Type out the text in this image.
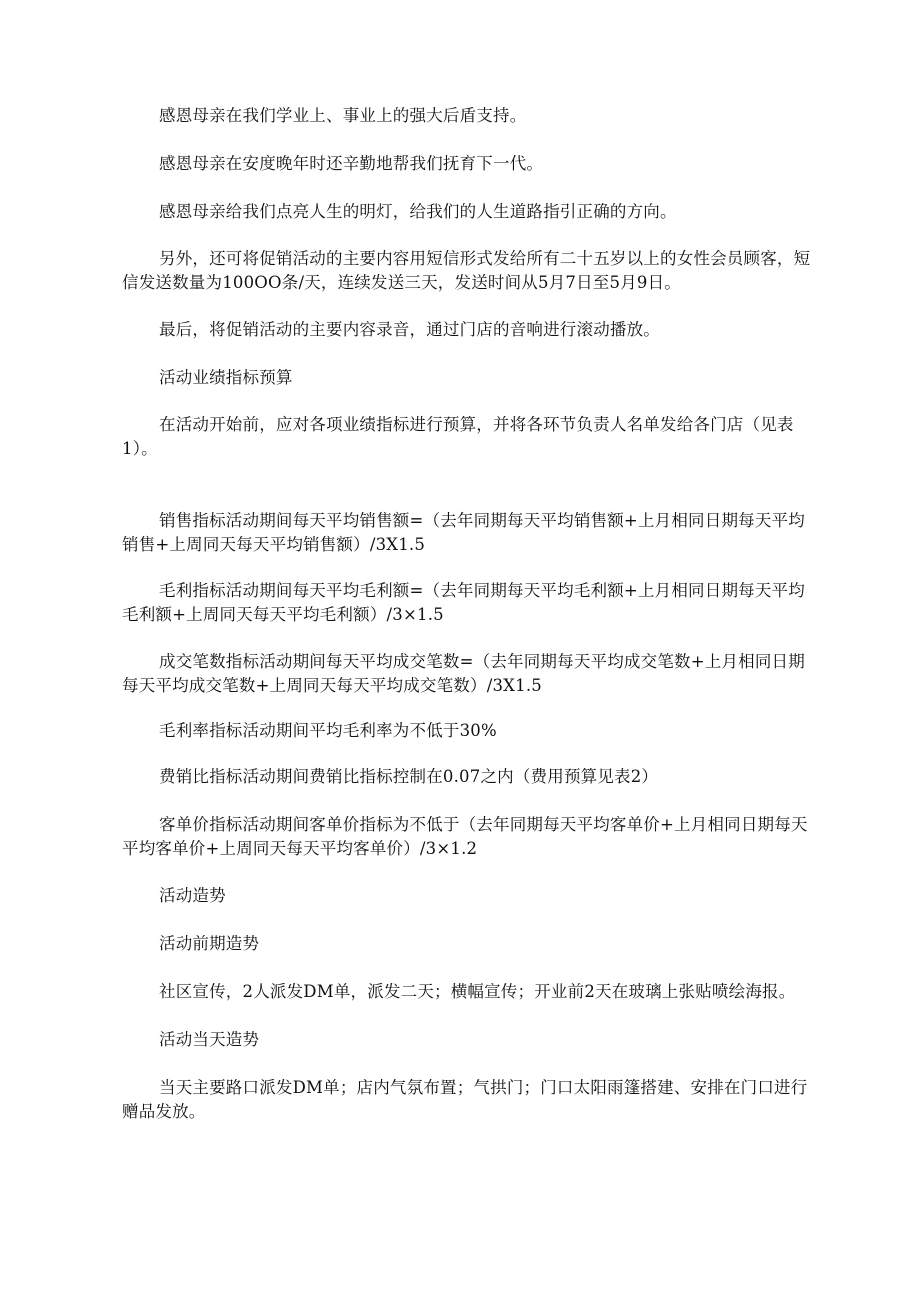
感恩母亲在我们学业上、事业上的强大后盾支持。

感恩母亲在安度晚年时还辛勤地帮我们抚育下一代。

感恩母亲给我们点亮人生的明灯，给我们的人生道路指引正确的方向。

另外，还可将促销活动的主要内容用短信形式发给所有二十五岁以上的女性会员顾客，短信发送数量为100OO条/天，连续发送三天，发送时间从5月7日至5月9日。

最后，将促销活动的主要内容录音，通过门店的音响进行滚动播放。

活动业绩指标预算

在活动开始前，应对各项业绩指标进行预算，并将各环节负责人名单发给各门店（见表1）。

销售指标活动期间每天平均销售额=（去年同期每天平均销售额+上月相同日期每天平均销售+上周同天每天平均销售额）/3X1.5

毛利指标活动期间每天平均毛利额=（去年同期每天平均毛利额+上月相同日期每天平均毛利额+上周同天每天平均毛利额）/3×1.5

成交笔数指标活动期间每天平均成交笔数=（去年同期每天平均成交笔数+上月相同日期每天平均成交笔数+上周同天每天平均成交笔数）/3X1.5

毛利率指标活动期间平均毛利率为不低于30%

费销比指标活动期间费销比指标控制在0.07之内（费用预算见表2）

客单价指标活动期间客单价指标为不低于（去年同期每天平均客单价+上月相同日期每天平均客单价+上周同天每天平均客单价）/3×1.2

活动造势

活动前期造势

社区宣传，2人派发DM单，派发二天；横幅宣传；开业前2天在玻璃上张贴喷绘海报。

活动当天造势

当天主要路口派发DM单；店内气氛布置；气拱门；门口太阳雨篷搭建、安排在门口进行赠品发放。
